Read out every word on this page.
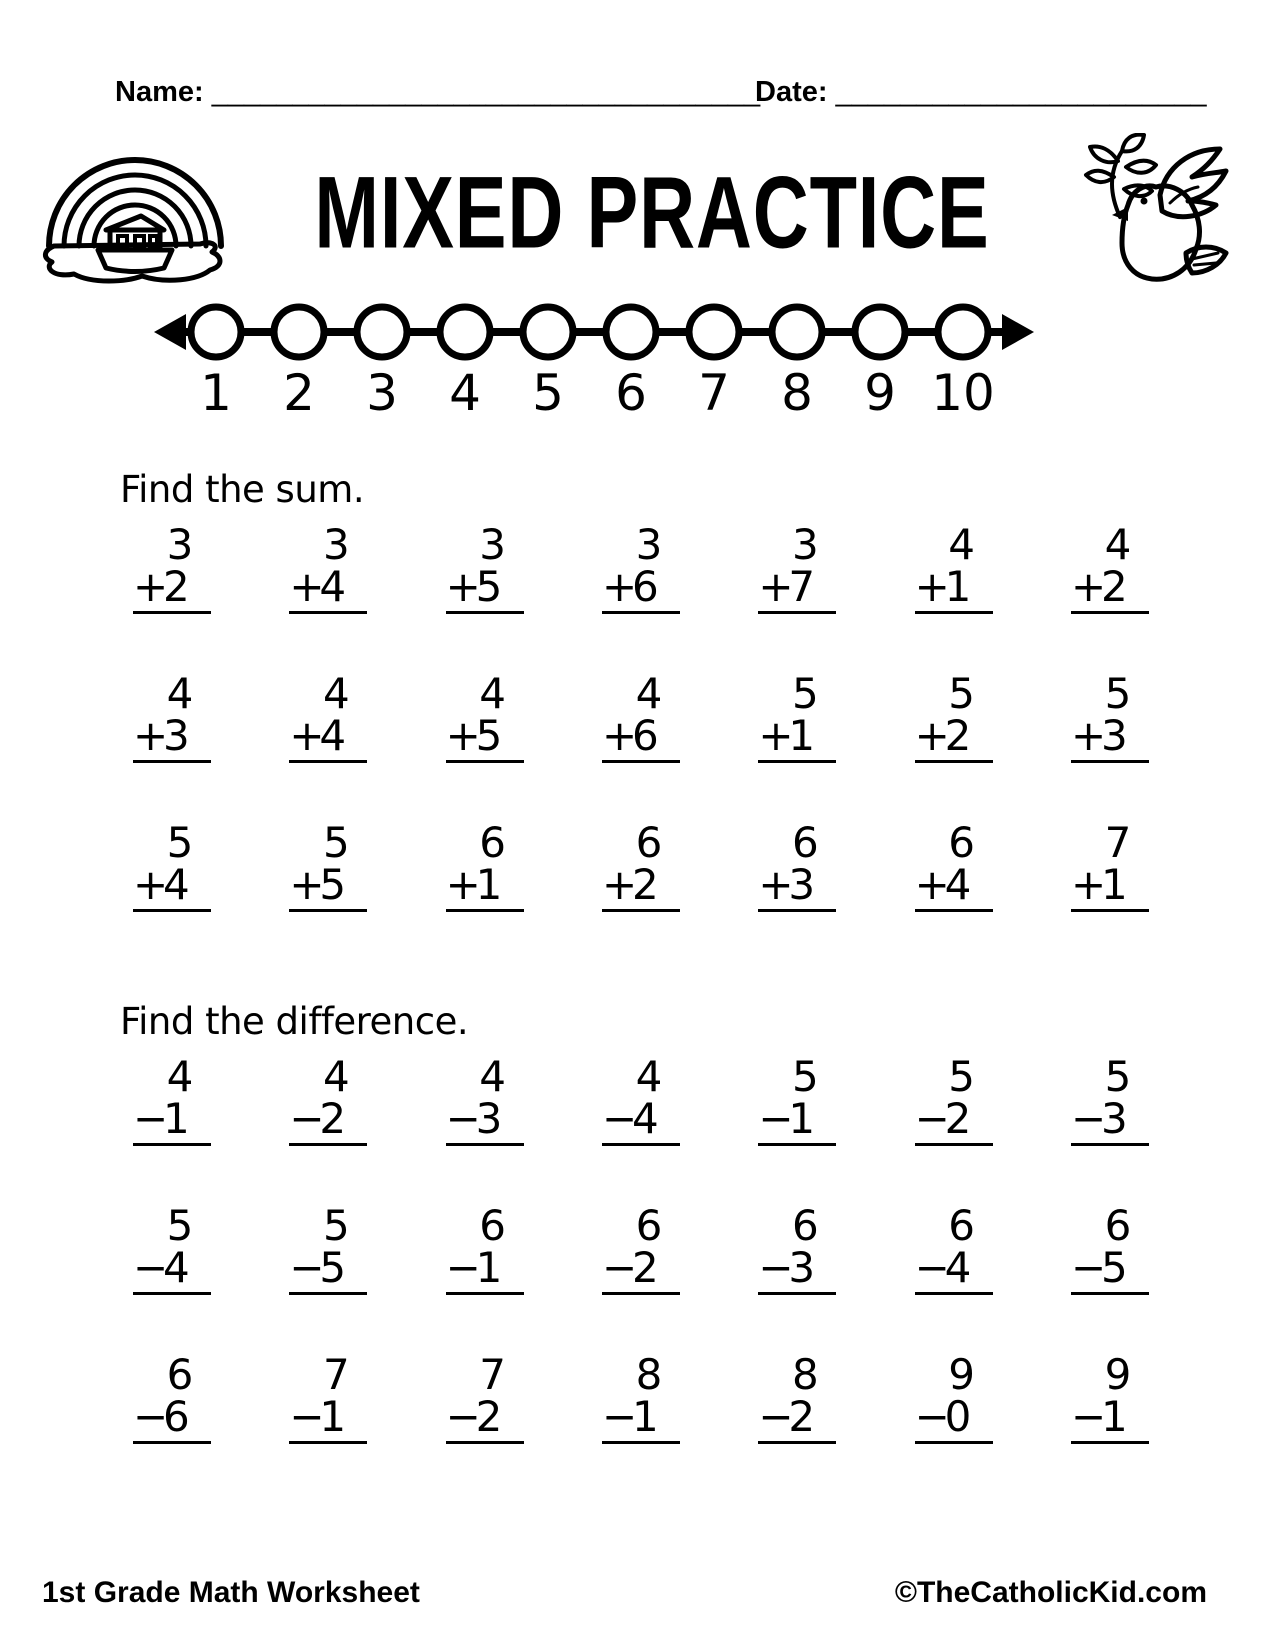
Name: __________________________________
Date: _______________________
MIXED PRACTICE
1 2 3 4 5 6 7 8 9 10
Find the sum.
3
+
2
3
+
4
3
+
5
3
+
6
3
+
7
4
+
1
4
+
2
4
+
3
4
+
4
4
+
5
4
+
6
5
+
1
5
+
2
5
+
3
5
+
4
5
+
5
6
+
1
6
+
2
6
+
3
6
+
4
7
+
1
Find the difference.
4
−
1
4
−
2
4
−
3
4
−
4
5
−
1
5
−
2
5
−
3
5
−
4
5
−
5
6
−
1
6
−
2
6
−
3
6
−
4
6
−
5
6
−
6
7
−
1
7
−
2
8
−
1
8
−
2
9
−
0
9
−
1
1st Grade Math Worksheet	©TheCatholicKid.com
